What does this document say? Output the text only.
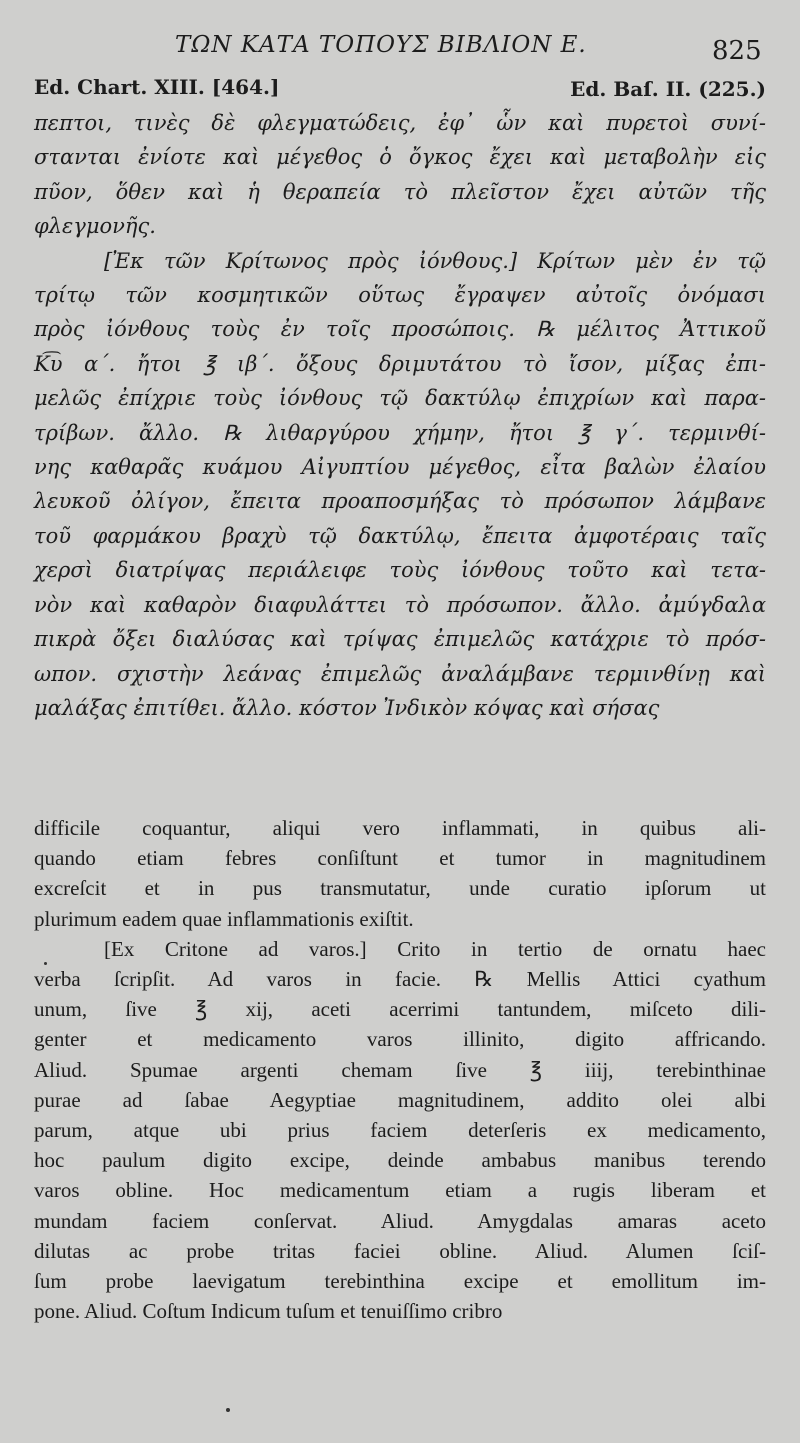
ΤΩΝ ΚΑΤΑ ΤΟΠΟΥΣ ΒΙΒΛΙΟΝ Ε.	825
Ed. Chart. XIII. [464.]	Ed. Baſ. II. (225.)
πεπτοι, τινὲς δὲ φλεγματώδεις, ἐφ᾽ ὧν καὶ πυρετοὶ συνί-
στανται ἐνίοτε καὶ μέγεθος ὁ ὄγκος ἔχει καὶ μεταβολὴν εἰς
πῦον, ὅθεν καὶ ἡ θεραπεία τὸ πλεῖστον ἔχει αὐτῶν τῆς
φλεγμονῆς.
[Ἐκ τῶν Κρίτωνος πρὸς ἰόνθους.] Κρίτων μὲν ἐν τῷ
τρίτῳ τῶν κοσμητικῶν οὕτως ἔγραψεν αὐτοῖς ὀνόμασι
πρὸς ἰόνθους τοὺς ἐν τοῖς προσώποις. ℞ μέλιτος Ἀττικοῦ
Κ͡υ α΄. ἤτοι ℥ ιβ΄. ὄξους δριμυτάτου τὸ ἴσον, μίξας ἐπι-
μελῶς ἐπίχριε τοὺς ἰόνθους τῷ δακτύλῳ ἐπιχρίων καὶ παρα-
τρίβων. ἄλλο. ℞ λιθαργύρου χήμην, ἤτοι ℥ γ΄. τερμινθί-
νης καθαρᾶς κυάμου Αἰγυπτίου μέγεθος, εἶτα βαλὼν ἐλαίου
λευκοῦ ὀλίγον, ἔπειτα προαποσμήξας τὸ πρόσωπον λάμβανε
τοῦ φαρμάκου βραχὺ τῷ δακτύλῳ, ἔπειτα ἀμφοτέραις ταῖς
χερσὶ διατρίψας περιάλειφε τοὺς ἰόνθους τοῦτο καὶ τετα-
νὸν καὶ καθαρὸν διαφυλάττει τὸ πρόσωπον. ἄλλο. ἀμύγδαλα
πικρὰ ὄξει διαλύσας καὶ τρίψας ἐπιμελῶς κατάχριε τὸ πρόσ-
ωπον. σχιστὴν λεάνας ἐπιμελῶς ἀναλάμβανε τερμινθίνῃ καὶ
μαλάξας ἐπιτίθει. ἄλλο. κόστον Ἰνδικὸν κόψας καὶ σήσας
difficile coquantur, aliqui vero inflammati, in quibus ali-
quando etiam febres conſiſtunt et tumor in magnitudinem
excreſcit et in pus transmutatur, unde curatio ipſorum ut
plurimum eadem quae inflammationis exiſtit.
[Ex Critone ad varos.] Crito in tertio de ornatu haec
verba ſcripſit. Ad varos in facie. ℞ Mellis Attici cyathum
unum, ſive ℥ xij, aceti acerrimi tantundem, miſceto dili-
genter et medicamento varos illinito, digito affricando.
Aliud. Spumae argenti chemam ſive ℥ iiij, terebinthinae
purae ad ſabae Aegyptiae magnitudinem, addito olei albi
parum, atque ubi prius faciem deterſeris ex medicamento,
hoc paulum digito excipe, deinde ambabus manibus terendo
varos obline. Hoc medicamentum etiam a rugis liberam et
mundam faciem conſervat. Aliud. Amygdalas amaras aceto
dilutas ac probe tritas faciei obline. Aliud. Alumen ſciſ-
ſum probe laevigatum terebinthina excipe et emollitum im-
pone. Aliud. Coſtum Indicum tuſum et tenuiſſimo cribro
